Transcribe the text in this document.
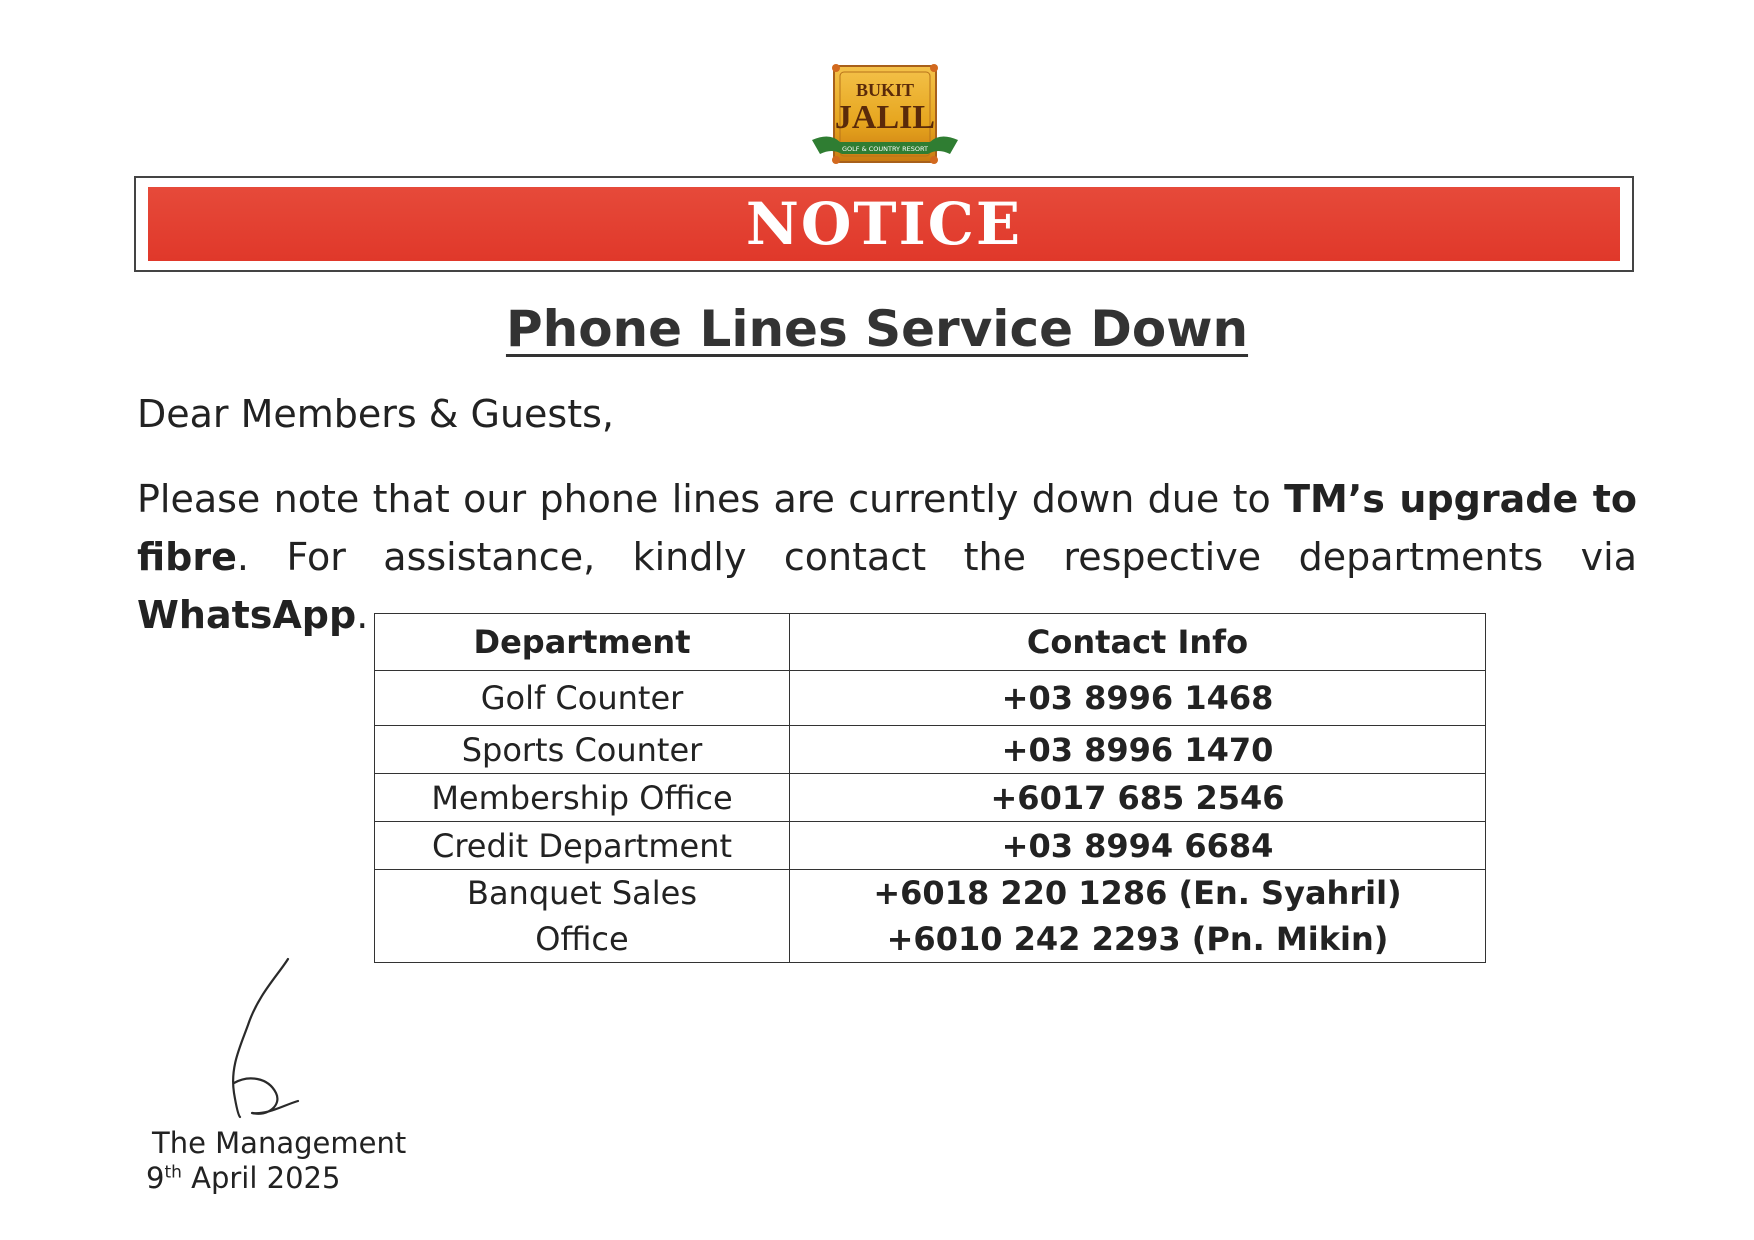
BUKIT
JALIL
GOLF & COUNTRY RESORT
NOTICE
Phone Lines Service Down
Dear Members & Guests,
Please note that our phone lines are currently down due to TM’s upgrade to fibre. For assistance, kindly contact the respective departments via WhatsApp.
Department	Contact Info
Golf Counter	+03 8996 1468
Sports Counter	+03 8996 1470
Membership Office	+6017 685 2546
Credit Department	+03 8994 6684

Banquet Sales
Office	+6018 220 1286 (En. Syahril)
+6010 242 2293 (Pn. Mikin)
The Management
9th April 2025
